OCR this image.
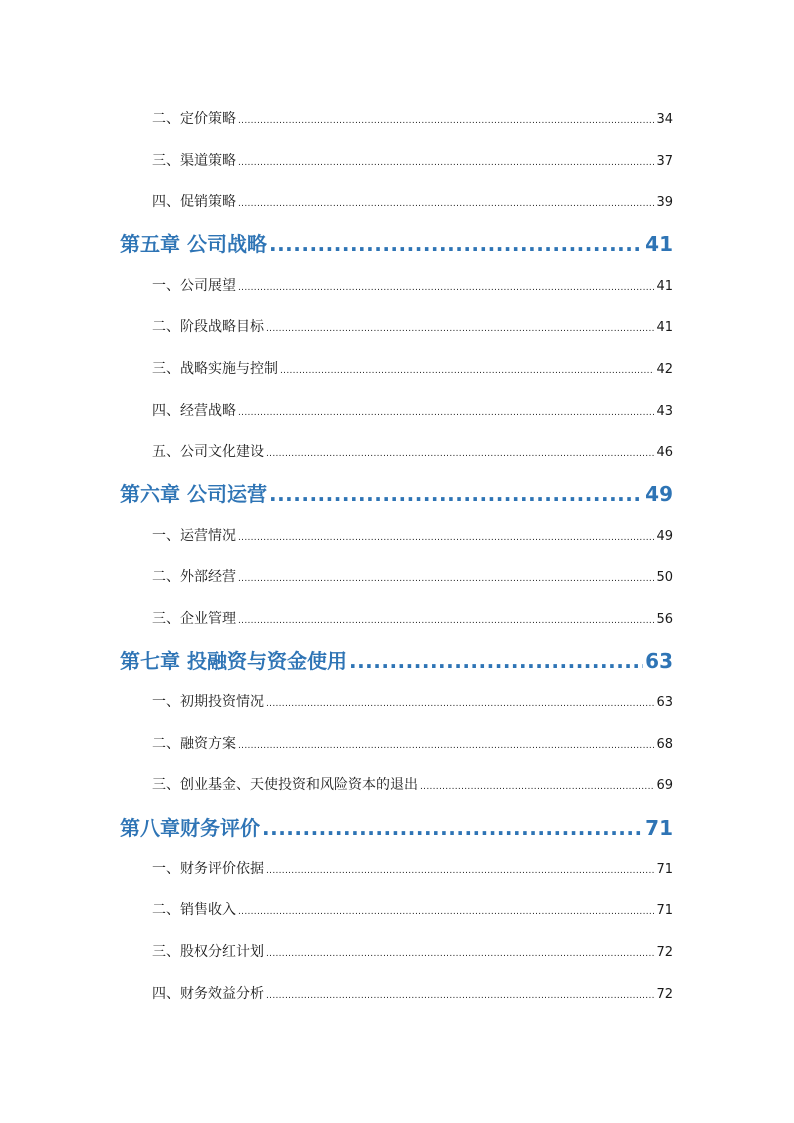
二、定价策略 .....	34
三、渠道策略 .....	37
四、促销策略 .....	39
第五章 公司战略 .....	41
一、公司展望 .....	41
二、阶段战略目标 .....	41
三、战略实施与控制 .....	42
四、经营战略 .....	43
五、公司文化建设 .....	46
第六章 公司运营 .....	49
一、运营情况 .....	49
二、外部经营 .....	50
三、企业管理 .....	56
第七章 投融资与资金使用 .....	63
一、初期投资情况 .....	63
二、融资方案 .....	68
三、创业基金、天使投资和风险资本的退出 .....	69
第八章财务评价 .....	71
一、财务评价依据 .....	71
二、销售收入 .....	71
三、股权分红计划 .....	72
四、财务效益分析 .....	72
